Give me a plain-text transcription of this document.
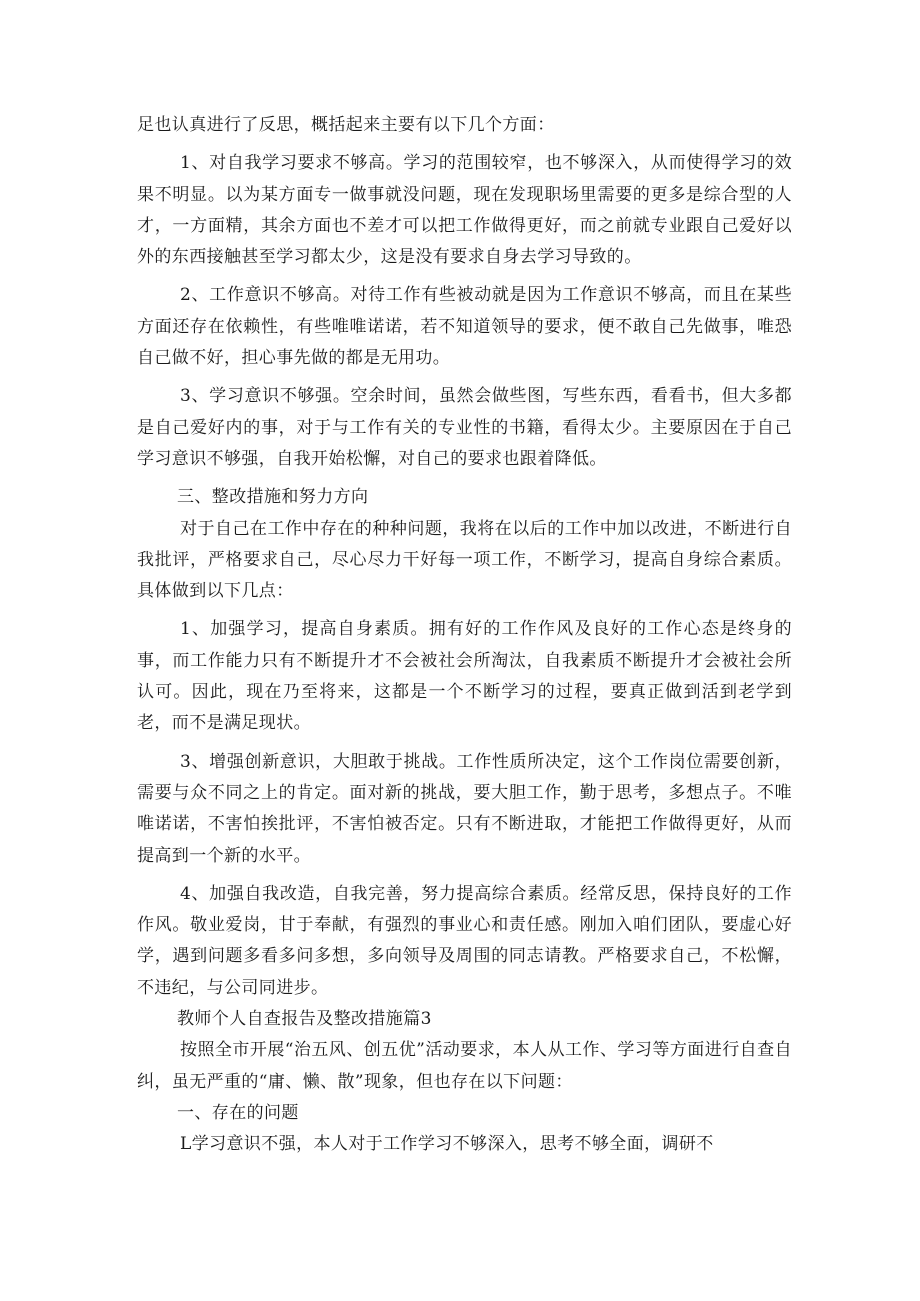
足也认真进行了反思，概括起来主要有以下几个方面：

1、对自我学习要求不够高。学习的范围较窄，也不够深入，从而使得学习的效果不明显。以为某方面专一做事就没问题，现在发现职场里需要的更多是综合型的人才，一方面精，其余方面也不差才可以把工作做得更好，而之前就专业跟自己爱好以外的东西接触甚至学习都太少，这是没有要求自身去学习导致的。

2、工作意识不够高。对待工作有些被动就是因为工作意识不够高，而且在某些方面还存在依赖性，有些唯唯诺诺，若不知道领导的要求，便不敢自己先做事，唯恐自己做不好，担心事先做的都是无用功。

3、学习意识不够强。空余时间，虽然会做些图，写些东西，看看书，但大多都是自己爱好内的事，对于与工作有关的专业性的书籍，看得太少。主要原因在于自己学习意识不够强，自我开始松懈，对自己的要求也跟着降低。

三、整改措施和努力方向

对于自己在工作中存在的种种问题，我将在以后的工作中加以改进，不断进行自我批评，严格要求自己，尽心尽力干好每一项工作，不断学习，提高自身综合素质。具体做到以下几点：

1、加强学习，提高自身素质。拥有好的工作作风及良好的工作心态是终身的事，而工作能力只有不断提升才不会被社会所淘汰，自我素质不断提升才会被社会所认可。因此，现在乃至将来，这都是一个不断学习的过程，要真正做到活到老学到老，而不是满足现状。

3、增强创新意识，大胆敢于挑战。工作性质所决定，这个工作岗位需要创新，需要与众不同之上的肯定。面对新的挑战，要大胆工作，勤于思考，多想点子。不唯唯诺诺，不害怕挨批评，不害怕被否定。只有不断进取，才能把工作做得更好，从而提高到一个新的水平。

4、加强自我改造，自我完善，努力提高综合素质。经常反思，保持良好的工作作风。敬业爱岗，甘于奉献，有强烈的事业心和责任感。刚加入咱们团队，要虚心好学，遇到问题多看多问多想，多向领导及周围的同志请教。严格要求自己，不松懈，不违纪，与公司同进步。

教师个人自查报告及整改措施篇3

按照全市开展“治五风、创五优”活动要求，本人从工作、学习等方面进行自查自纠，虽无严重的“庸、懒、散”现象，但也存在以下问题：

一、存在的问题

L学习意识不强，本人对于工作学习不够深入，思考不够全面，调研不
